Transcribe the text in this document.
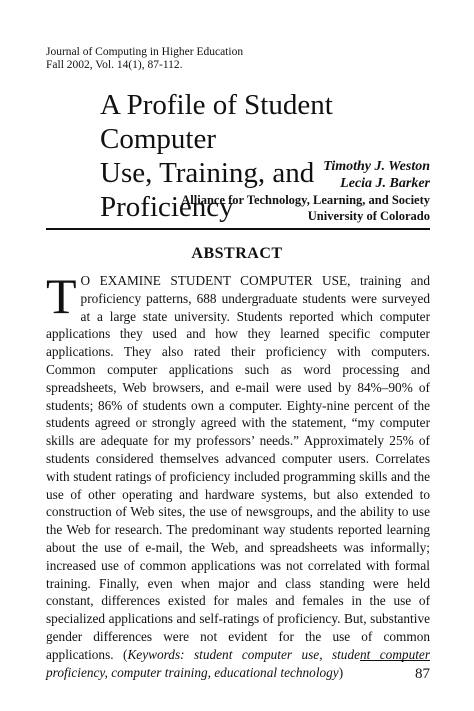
Journal of Computing in Higher Education
Fall 2002, Vol. 14(1), 87-112.
A Profile of Student Computer
Use, Training, and Proficiency
Timothy J. Weston
Lecia J. Barker
Alliance for Technology, Learning, and Society
University of Colorado
ABSTRACT
TO EXAMINE STUDENT COMPUTER USE, training and proficiency patterns, 688 undergraduate students were surveyed at a large state university. Students reported which computer applications they used and how they learned specific computer applications. They also rated their proficiency with computers. Common computer applications such as word processing and spreadsheets, Web browsers, and e-mail were used by 84%–90% of students; 86% of students own a computer. Eighty-nine percent of the students agreed or strongly agreed with the statement, “my computer skills are adequate for my professors’ needs.” Approximately 25% of students considered themselves advanced computer users. Correlates with student ratings of proficiency included programming skills and the use of other operating and hardware systems, but also extended to construction of Web sites, the use of newsgroups, and the ability to use the Web for research. The predominant way students reported learning about the use of e-mail, the Web, and spreadsheets was informally; increased use of common applications was not correlated with formal training. Finally, even when major and class standing were held constant, differences existed for males and females in the use of specialized applications and self-ratings of proficiency. But, substantive gender differences were not evident for the use of common applications. (Keywords: student computer use, student computer proficiency, computer training, educational technology)	87
